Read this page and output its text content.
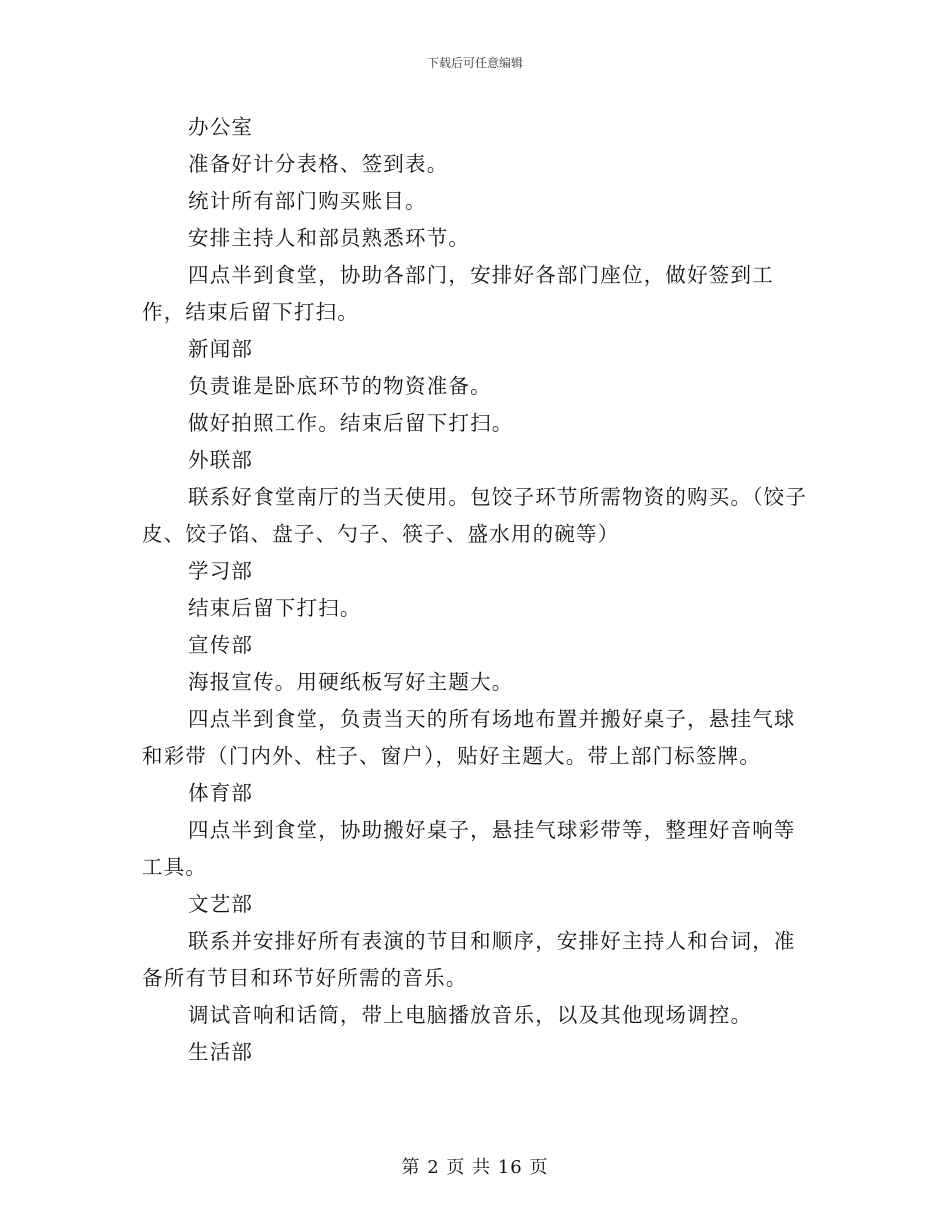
下载后可任意编辑

办公室

准备好计分表格、签到表。

统计所有部门购买账目。

安排主持人和部员熟悉环节。

四点半到食堂，协助各部门，安排好各部门座位，做好签到工作，结束后留下打扫。

新闻部

负责谁是卧底环节的物资准备。

做好拍照工作。结束后留下打扫。

外联部

联系好食堂南厅的当天使用。包饺子环节所需物资的购买。（饺子皮、饺子馅、盘子、勺子、筷子、盛水用的碗等）

学习部

结束后留下打扫。

宣传部

海报宣传。用硬纸板写好主题大。

四点半到食堂，负责当天的所有场地布置并搬好桌子，悬挂气球和彩带（门内外、柱子、窗户），贴好主题大。带上部门标签牌。

体育部

四点半到食堂，协助搬好桌子，悬挂气球彩带等，整理好音响等工具。

文艺部

联系并安排好所有表演的节目和顺序，安排好主持人和台词，准备所有节目和环节好所需的音乐。

调试音响和话筒，带上电脑播放音乐，以及其他现场调控。

生活部

第 2 页 共 16 页
